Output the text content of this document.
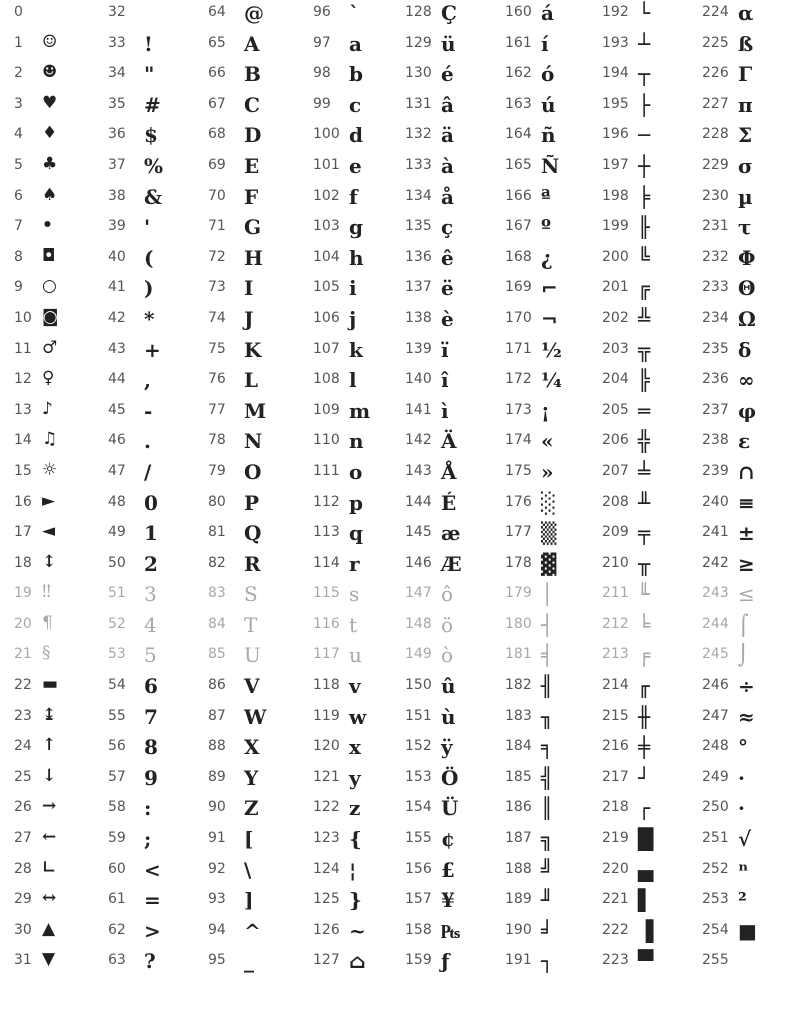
0
1 ☺
2 ☻
3 ♥
4 ♦
5 ♣
6 ♠
7 •
8 ◘
9 ○
10 ◙
11 ♂
12 ♀
13 ♪
14 ♫
15 ☼
16 ►
17 ◄
18 ↕
19 ‼
20 ¶
21 §
22 ▬
23 ↨
24 ↑
25 ↓
26 →
27 ←
28 ∟
29 ↔
30 ▲
31 ▼
32
33 !
34 "
35 #
36 $
37 %
38 &
39 '
40 (
41 )
42 *
43 +
44 ,
45 -
46 .
47 /
48 0
49 1
50 2
51 3
52 4
53 5
54 6
55 7
56 8
57 9
58 :
59 ;
60 <
61 =
62 >
63 ?
64 @
65 A
66 B
67 C
68 D
69 E
70 F
71 G
72 H
73 I
74 J
75 K
76 L
77 M
78 N
79 O
80 P
81 Q
82 R
83 S
84 T
85 U
86 V
87 W
88 X
89 Y
90 Z
91 [
92 \
93 ]
94 ^
95 _
96 `
97 a
98 b
99 c
100 d
101 e
102 f
103 g
104 h
105 i
106 j
107 k
108 l
109 m
110 n
111 o
112 p
113 q
114 r
115 s
116 t
117 u
118 v
119 w
120 x
121 y
122 z
123 {
124 ¦
125 }
126 ~
127 ⌂
128 Ç
129 ü
130 é
131 â
132 ä
133 à
134 å
135 ç
136 ê
137 ë
138 è
139 ï
140 î
141 ì
142 Ä
143 Å
144 É
145 æ
146 Æ
147 ô
148 ö
149 ò
150 û
151 ù
152 ÿ
153 Ö
154 Ü
155 ¢
156 £
157 ¥
158 ₧
159 ƒ
160 á
161 í
162 ó
163 ú
164 ñ
165 Ñ
166 ª
167 º
168 ¿
169 ⌐
170 ¬
171 ½
172 ¼
173 ¡
174 «
175 »
176 ░
177 ▒
178 ▓
179 │
180 ┤
181 ╡
182 ╢
183 ╖
184 ╕
185 ╣
186 ║
187 ╗
188 ╝
189 ╜
190 ╛
191 ┐
192 └
193 ┴
194 ┬
195 ├
196 ─
197 ┼
198 ╞
199 ╟
200 ╚
201 ╔
202 ╩
203 ╦
204 ╠
205 ═
206 ╬
207 ╧
208 ╨
209 ╤
210 ╥
211 ╙
212 ╘
213 ╒
214 ╓
215 ╫
216 ╪
217 ┘
218 ┌
219 █
220 ▄
221 ▌
222 ▐
223 ▀
224 α
225 ß
226 Γ
227 π
228 Σ
229 σ
230 µ
231 τ
232 Φ
233 Θ
234 Ω
235 δ
236 ∞
237 φ
238 ε
239 ∩
240 ≡
241 ±
242 ≥
243 ≤
244 ⌠
245 ⌡
246 ÷
247 ≈
248 °
249 ·
250 ·
251 √
252 ⁿ
253 ²
254 ■
255
